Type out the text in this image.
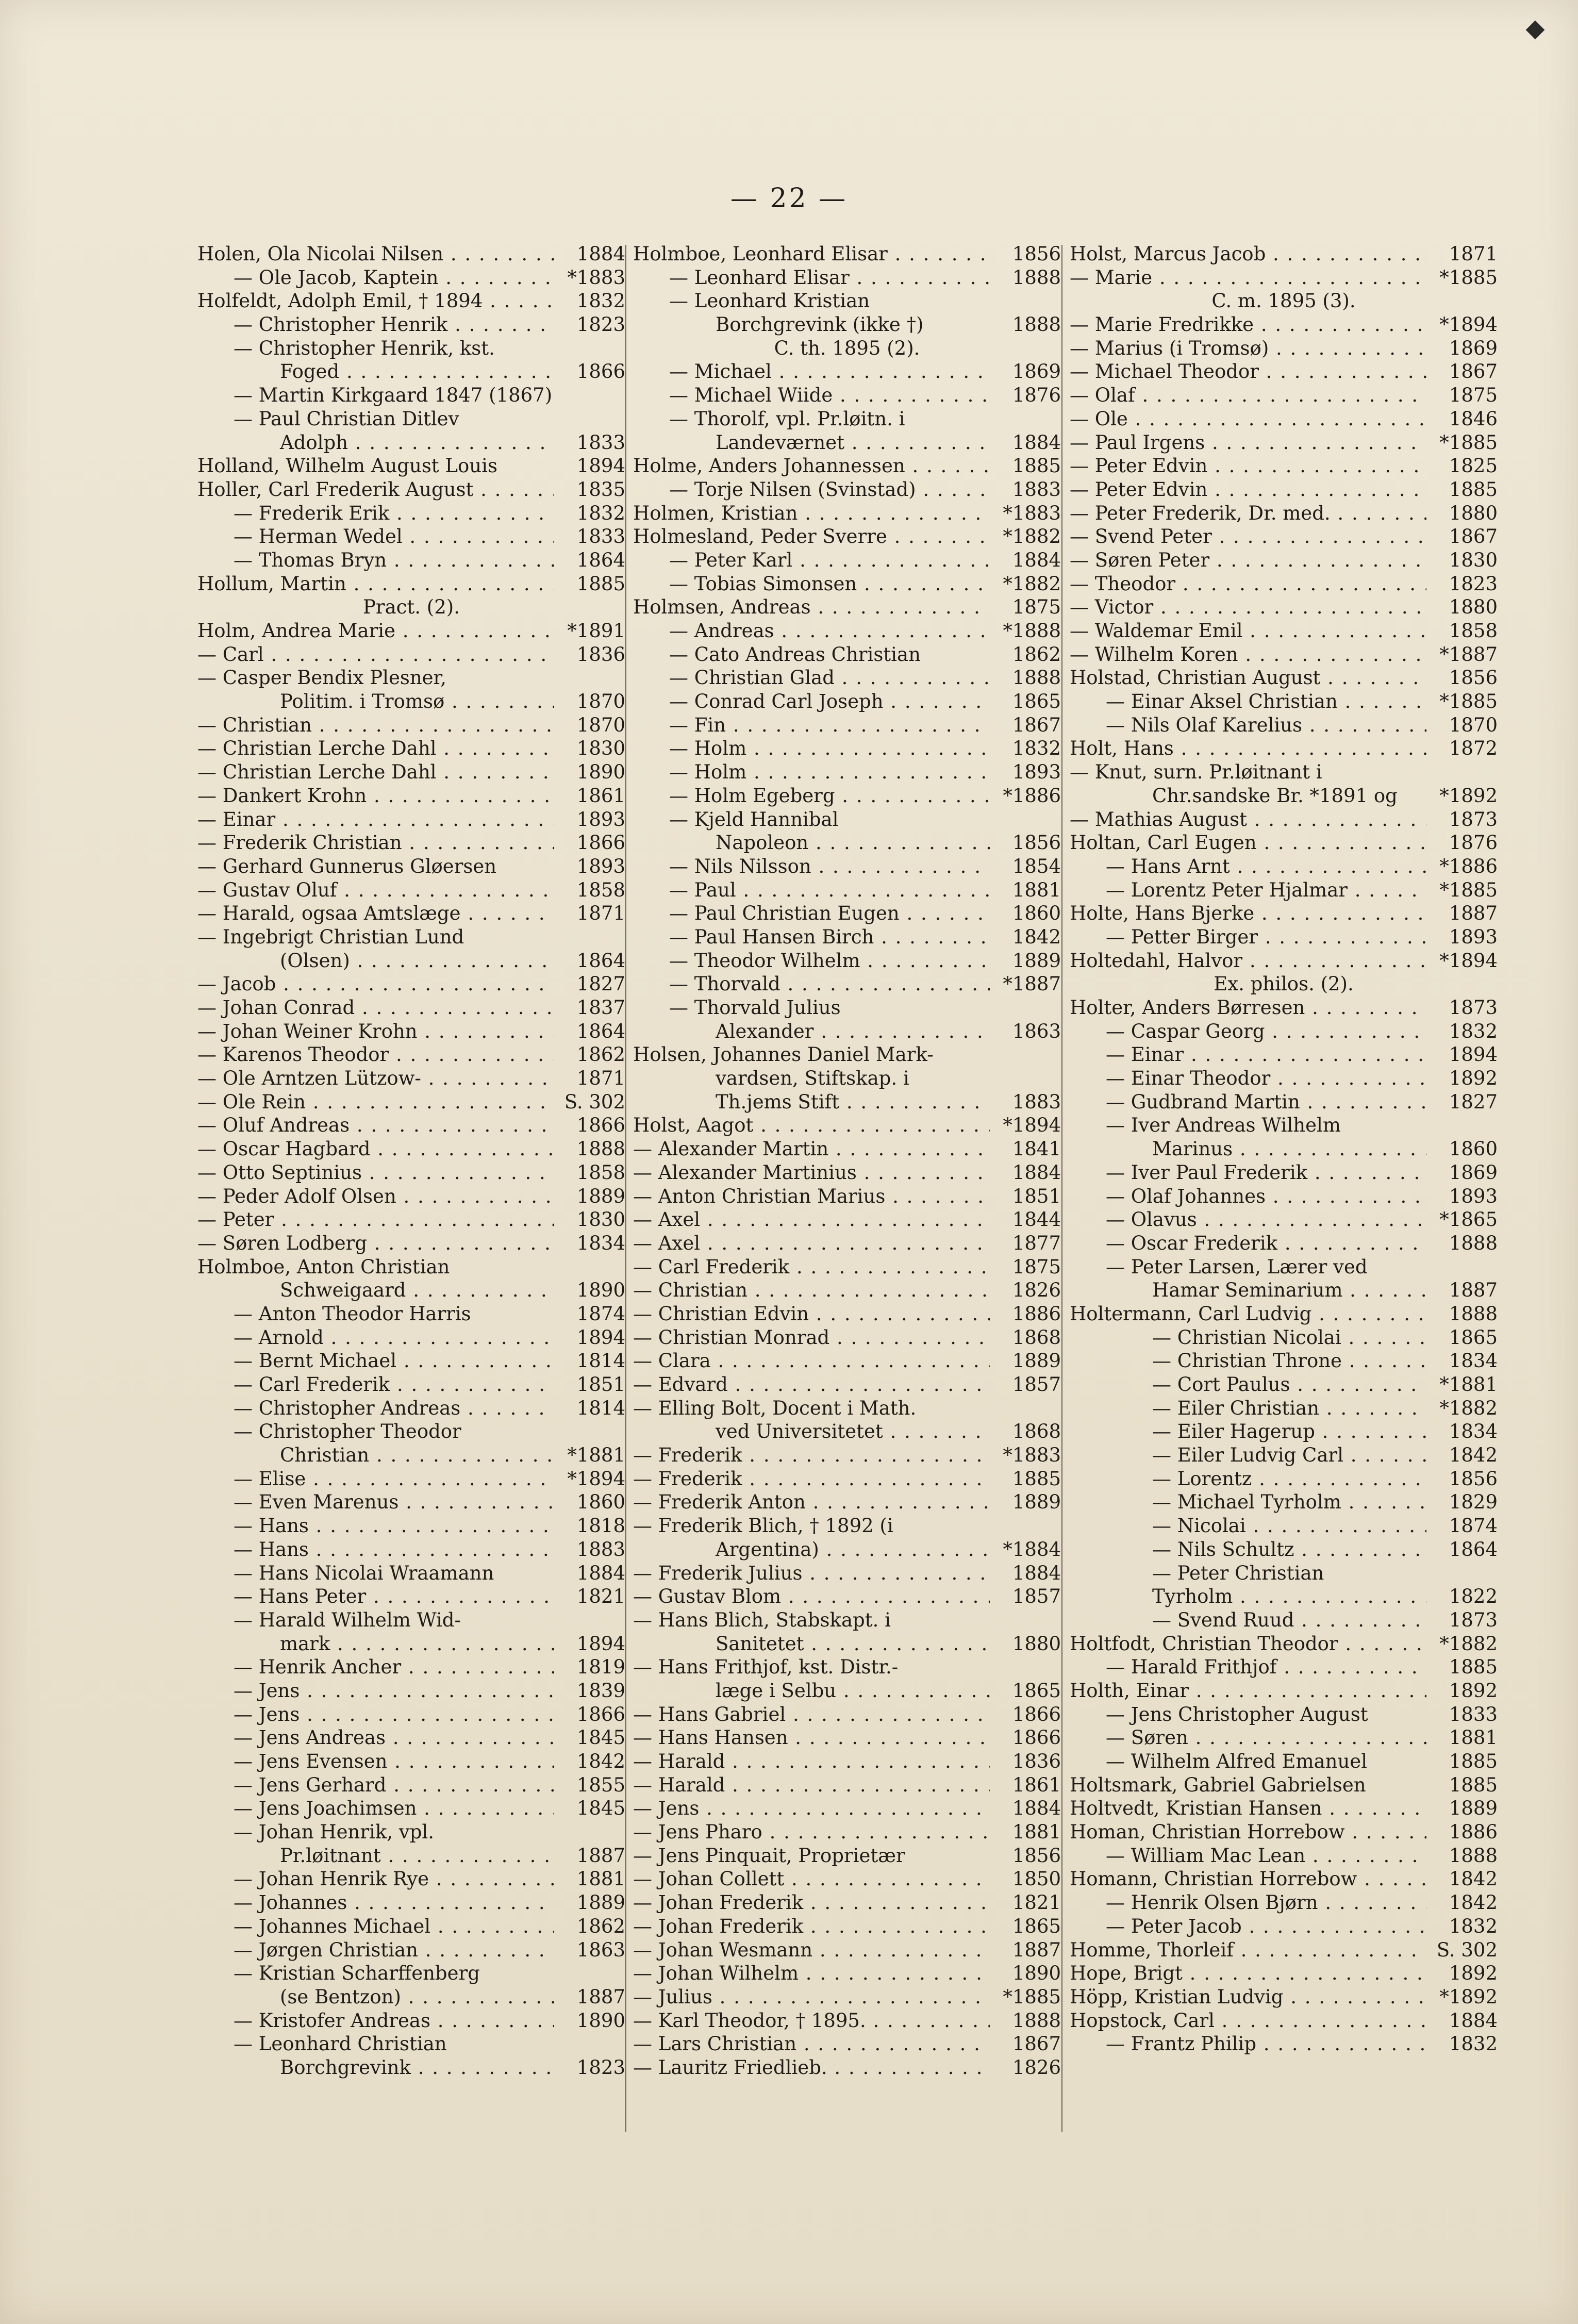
— 22 —
Holen, Ola Nicolai Nilsen . . .	1884
— Ole Jacob, Kaptein . . .	*1883
Holfeldt, Adolph Emil, † 1894 . . .	1832
— Christopher Henrik . . .	1823
— Christopher Henrik, kst.
Foged . . .	1866
— Martin Kirkgaard 1847 (1867)
— Paul Christian Ditlev
Adolph . . .	1833
Holland, Wilhelm August Louis	1894
Holler, Carl Frederik August . . .	1835
— Frederik Erik . . .	1832
— Herman Wedel . . .	1833
— Thomas Bryn . . .	1864
Hollum, Martin . . .	1885
Pract. (2).
Holm, Andrea Marie . . .	*1891
— Carl . . .	1836
— Casper Bendix Plesner,
Politim. i Tromsø . . .	1870
— Christian . . .	1870
— Christian Lerche Dahl . . .	1830
— Christian Lerche Dahl . . .	1890
— Dankert Krohn . . .	1861
— Einar . . .	1893
— Frederik Christian . . .	1866
— Gerhard Gunnerus Gløersen	1893
— Gustav Oluf . . .	1858
— Harald, ogsaa Amtslæge . . .	1871
— Ingebrigt Christian Lund
(Olsen) . . .	1864
— Jacob . . .	1827
— Johan Conrad . . .	1837
— Johan Weiner Krohn . . .	1864
— Karenos Theodor . . .	1862
— Ole Arntzen Lützow- . . .	1871
— Ole Rein . . .	S. 302
— Oluf Andreas . . .	1866
— Oscar Hagbard . . .	1888
— Otto Septinius . . .	1858
— Peder Adolf Olsen . . .	1889
— Peter . . .	1830
— Søren Lodberg . . .	1834
Holmboe, Anton Christian
Schweigaard . . .	1890
— Anton Theodor Harris	1874
— Arnold . . .	1894
— Bernt Michael . . .	1814
— Carl Frederik . . .	1851
— Christopher Andreas . . .	1814
— Christopher Theodor
Christian . . .	*1881
— Elise . . .	*1894
— Even Marenus . . .	1860
— Hans . . .	1818
— Hans . . .	1883
— Hans Nicolai Wraamann	1884
— Hans Peter . . .	1821
— Harald Wilhelm Wid-
mark . . .	1894
— Henrik Ancher . . .	1819
— Jens . . .	1839
— Jens . . .	1866
— Jens Andreas . . .	1845
— Jens Evensen . . .	1842
— Jens Gerhard . . .	1855
— Jens Joachimsen . . .	1845
— Johan Henrik, vpl.
Pr.løitnant . . .	1887
— Johan Henrik Rye . . .	1881
— Johannes . . .	1889
— Johannes Michael . . .	1862
— Jørgen Christian . . .	1863
— Kristian Scharffenberg
(se Bentzon) . . .	1887
— Kristofer Andreas . . .	1890
— Leonhard Christian
Borchgrevink . . .	1823
Holmboe, Leonhard Elisar . . .	1856
— Leonhard Elisar . . .	1888
— Leonhard Kristian
Borchgrevink (ikke †)	1888
C. th. 1895 (2).
— Michael . . .	1869
— Michael Wiide . . .	1876
— Thorolf, vpl. Pr.løitn. i
Landeværnet . . .	1884
Holme, Anders Johannessen . . .	1885
— Torje Nilsen (Svinstad) . . .	1883
Holmen, Kristian . . .	*1883
Holmesland, Peder Sverre . . .	*1882
— Peter Karl . . .	1884
— Tobias Simonsen . . .	*1882
Holmsen, Andreas . . .	1875
— Andreas . . .	*1888
— Cato Andreas Christian	1862
— Christian Glad . . .	1888
— Conrad Carl Joseph . . .	1865
— Fin . . .	1867
— Holm . . .	1832
— Holm . . .	1893
— Holm Egeberg . . .	*1886
— Kjeld Hannibal
Napoleon . . .	1856
— Nils Nilsson . . .	1854
— Paul . . .	1881
— Paul Christian Eugen . . .	1860
— Paul Hansen Birch . . .	1842
— Theodor Wilhelm . . .	1889
— Thorvald . . .	*1887
— Thorvald Julius
Alexander . . .	1863
Holsen, Johannes Daniel Mark-
vardsen, Stiftskap. i
Th.jems Stift . . .	1883
Holst, Aagot . . .	*1894
— Alexander Martin . . .	1841
— Alexander Martinius . . .	1884
— Anton Christian Marius . . .	1851
— Axel . . .	1844
— Axel . . .	1877
— Carl Frederik . . .	1875
— Christian . . .	1826
— Christian Edvin . . .	1886
— Christian Monrad . . .	1868
— Clara . . .	1889
— Edvard . . .	1857
— Elling Bolt, Docent i Math.
ved Universitetet . . .	1868
— Frederik . . .	*1883
— Frederik . . .	1885
— Frederik Anton . . .	1889
— Frederik Blich, † 1892 (i
Argentina) . . .	*1884
— Frederik Julius . . .	1884
— Gustav Blom . . .	1857
— Hans Blich, Stabskapt. i
Sanitetet . . .	1880
— Hans Frithjof, kst. Distr.-
læge i Selbu . . .	1865
— Hans Gabriel . . .	1866
— Hans Hansen . . .	1866
— Harald . . .	1836
— Harald . . .	1861
— Jens . . .	1884
— Jens Pharo . . .	1881
— Jens Pinquait, Proprietær	1856
— Johan Collett . . .	1850
— Johan Frederik . . .	1821
— Johan Frederik . . .	1865
— Johan Wesmann . . .	1887
— Johan Wilhelm . . .	1890
— Julius . . .	*1885
— Karl Theodor, † 1895. . . .	1888
— Lars Christian . . .	1867
— Lauritz Friedlieb. . . .	1826
Holst, Marcus Jacob . . .	1871
— Marie . . .	*1885
C. m. 1895 (3).
— Marie Fredrikke . . .	*1894
— Marius (i Tromsø) . . .	1869
— Michael Theodor . . .	1867
— Olaf . . .	1875
— Ole . . .	1846
— Paul Irgens . . .	*1885
— Peter Edvin . . .	1825
— Peter Edvin . . .	1885
— Peter Frederik, Dr. med. . . .	1880
— Svend Peter . . .	1867
— Søren Peter . . .	1830
— Theodor . . .	1823
— Victor . . .	1880
— Waldemar Emil . . .	1858
— Wilhelm Koren . . .	*1887
Holstad, Christian August . . .	1856
— Einar Aksel Christian . . .	*1885
— Nils Olaf Karelius . . .	1870
Holt, Hans . . .	1872
— Knut, surn. Pr.løitnant i
Chr.sandske Br. *1891 og	*1892
— Mathias August . . .	1873
Holtan, Carl Eugen . . .	1876
— Hans Arnt . . .	*1886
— Lorentz Peter Hjalmar . . .	*1885
Holte, Hans Bjerke . . .	1887
— Petter Birger . . .	1893
Holtedahl, Halvor . . .	*1894
Ex. philos. (2).
Holter, Anders Børresen . . .	1873
— Caspar Georg . . .	1832
— Einar . . .	1894
— Einar Theodor . . .	1892
— Gudbrand Martin . . .	1827
— Iver Andreas Wilhelm
Marinus . . .	1860
— Iver Paul Frederik . . .	1869
— Olaf Johannes . . .	1893
— Olavus . . .	*1865
— Oscar Frederik . . .	1888
— Peter Larsen, Lærer ved
Hamar Seminarium . . .	1887
Holtermann, Carl Ludvig . . .	1888
— Christian Nicolai . . .	1865
— Christian Throne . . .	1834
— Cort Paulus . . .	*1881
— Eiler Christian . . .	*1882
— Eiler Hagerup . . .	1834
— Eiler Ludvig Carl . . .	1842
— Lorentz . . .	1856
— Michael Tyrholm . . .	1829
— Nicolai . . .	1874
— Nils Schultz . . .	1864
— Peter Christian
Tyrholm . . .	1822
— Svend Ruud . . .	1873
Holtfodt, Christian Theodor . . .	*1882
— Harald Frithjof . . .	1885
Holth, Einar . . .	1892
— Jens Christopher August	1833
— Søren . . .	1881
— Wilhelm Alfred Emanuel	1885
Holtsmark, Gabriel Gabrielsen	1885
Holtvedt, Kristian Hansen . . .	1889
Homan, Christian Horrebow . . .	1886
— William Mac Lean . . .	1888
Homann, Christian Horrebow . . .	1842
— Henrik Olsen Bjørn . . .	1842
— Peter Jacob . . .	1832
Homme, Thorleif . . .	S. 302
Hope, Brigt . . .	1892
Höpp, Kristian Ludvig . . .	*1892
Hopstock, Carl . . .	1884
— Frantz Philip . . .	1832
